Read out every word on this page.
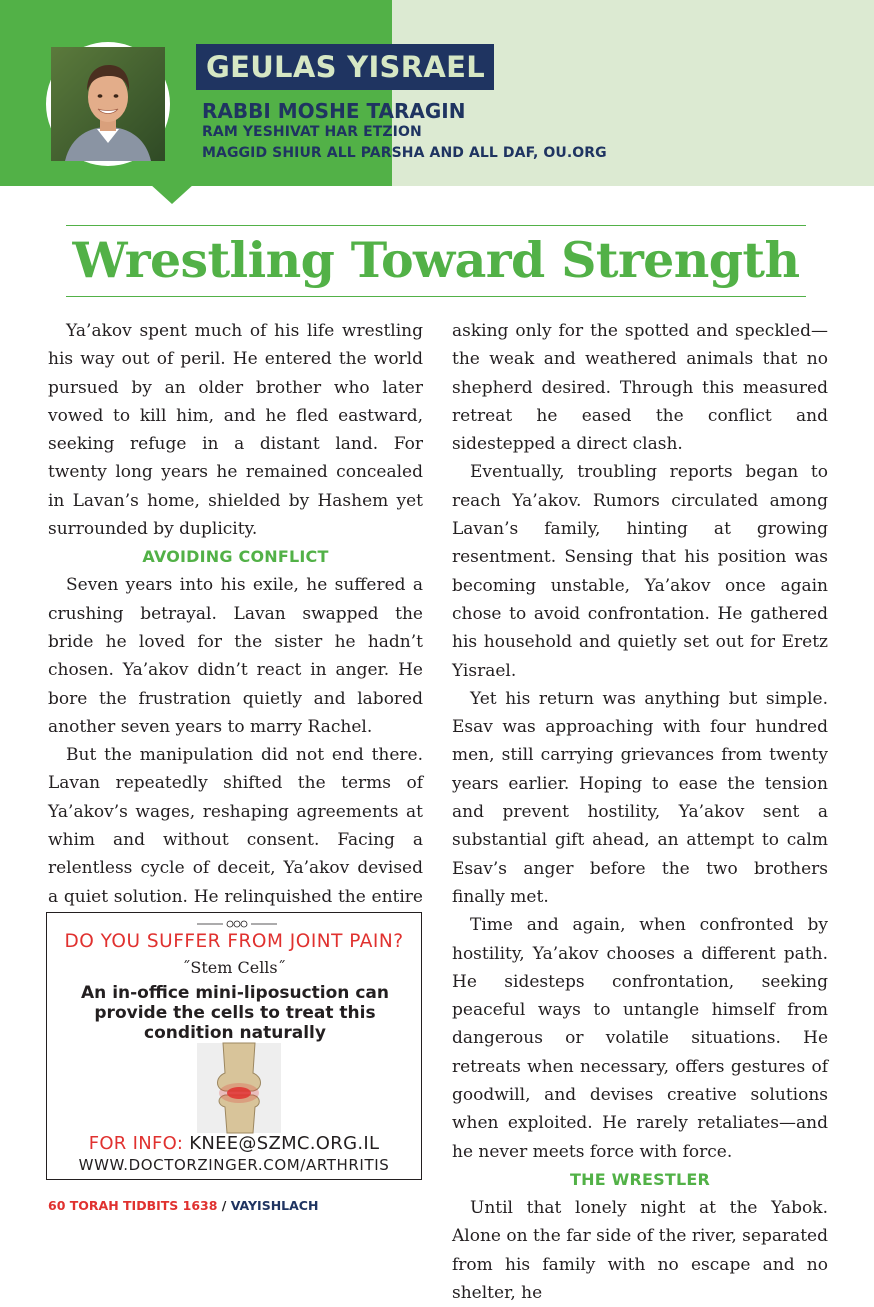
GEULAS YISRAEL
RABBI MOSHE TARAGIN
RAM YESHIVAT HAR ETZION
MAGGID SHIUR ALL PARSHA AND ALL DAF, OU.ORG
Wrestling Toward Strength

Ya’akov spent much of his life wrestling his way out of peril. He entered the world pursued by an older brother who later vowed to kill him, and he fled eastward, seeking refuge in a distant land. For twenty long years he remained concealed in Lavan’s home, shielded by Hashem yet surrounded by duplicity.

AVOIDING CONFLICT

Seven years into his exile, he suffered a crushing betrayal. Lavan swapped the bride he loved for the sister he hadn’t chosen. Ya’akov didn’t react in anger. He bore the frustration quietly and labored another seven years to marry Rachel.

But the manipulation did not end there. Lavan repeatedly shifted the terms of Ya’akov’s wages, reshaping agreements at whim and without consent. Facing a relentless cycle of deceit, Ya’akov devised a quiet solution. He relinquished the entire

asking only for the spotted and speckled—the weak and weathered animals that no shepherd desired. Through this measured retreat he eased the conflict and sidestepped a direct clash.

Eventually, troubling reports began to reach Ya’akov. Rumors circulated among Lavan’s family, hinting at growing resentment. Sensing that his position was becoming unstable, Ya’akov once again chose to avoid confrontation. He gathered his household and quietly set out for Eretz Yisrael.

Yet his return was anything but simple. Esav was approaching with four hundred men, still carrying grievances from twenty years earlier. Hoping to ease the tension and prevent hostility, Ya’akov sent a substantial gift ahead, an attempt to calm Esav’s anger before the two brothers finally met.

Time and again, when confronted by hostility, Ya’akov chooses a different path. He sidesteps confrontation, seeking peaceful ways to untangle himself from dangerous or volatile situations. He retreats when necessary, offers gestures of goodwill, and devises creative solutions when exploited. He rarely retaliates—and he never meets force with force.

THE WRESTLER

Until that lonely night at the Yabok. Alone on the far side of the river, separated from his family with no escape and no shelter, he

DO YOU SUFFER FROM JOINT PAIN?
˝Stem Cells˝
An in-office mini-liposuction can provide the cells to treat this condition naturally
FOR INFO: KNEE@SZMC.ORG.IL
WWW.DOCTORZINGER.COM/ARTHRITIS
60 TORAH TIDBITS 1638 / VAYISHLACH
